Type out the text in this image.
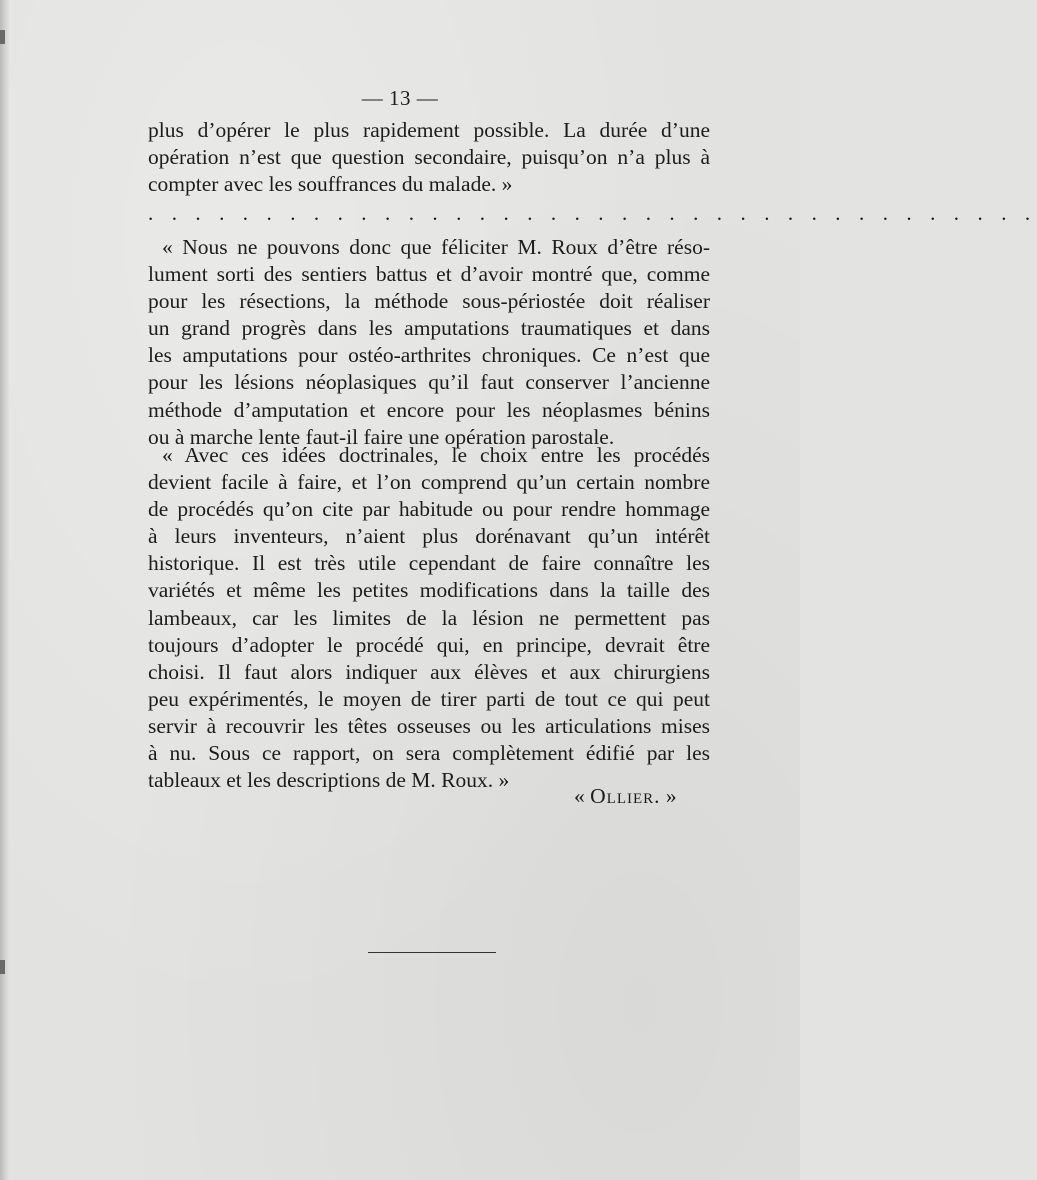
— 13 —
plus d’opérer le plus rapidement possible. La durée d’une
opération n’est que question secondaire, puisqu’on n’a plus à
compter avec les souffrances du malade. »
. . . . . . . . . . . . . . . . . . . . . . . . . . . . . . . . . . . . . .
« Nous ne pouvons donc que féliciter M. Roux d’être réso-
lument sorti des sentiers battus et d’avoir montré que, comme
pour les résections, la méthode sous-périostée doit réaliser
un grand progrès dans les amputations traumatiques et dans
les amputations pour ostéo-arthrites chroniques. Ce n’est que
pour les lésions néoplasiques qu’il faut conserver l’ancienne
méthode d’amputation et encore pour les néoplasmes bénins
ou à marche lente faut-il faire une opération parostale.
« Avec ces idées doctrinales, le choix entre les procédés
devient facile à faire, et l’on comprend qu’un certain nombre
de procédés qu’on cite par habitude ou pour rendre hommage
à leurs inventeurs, n’aient plus dorénavant qu’un intérêt
historique. Il est très utile cependant de faire connaître les
variétés et même les petites modifications dans la taille des
lambeaux, car les limites de la lésion ne permettent pas
toujours d’adopter le procédé qui, en principe, devrait être
choisi. Il faut alors indiquer aux élèves et aux chirurgiens
peu expérimentés, le moyen de tirer parti de tout ce qui peut
servir à recouvrir les têtes osseuses ou les articulations mises
à nu. Sous ce rapport, on sera complètement édifié par les
tableaux et les descriptions de M. Roux. »
« Ollier. »
